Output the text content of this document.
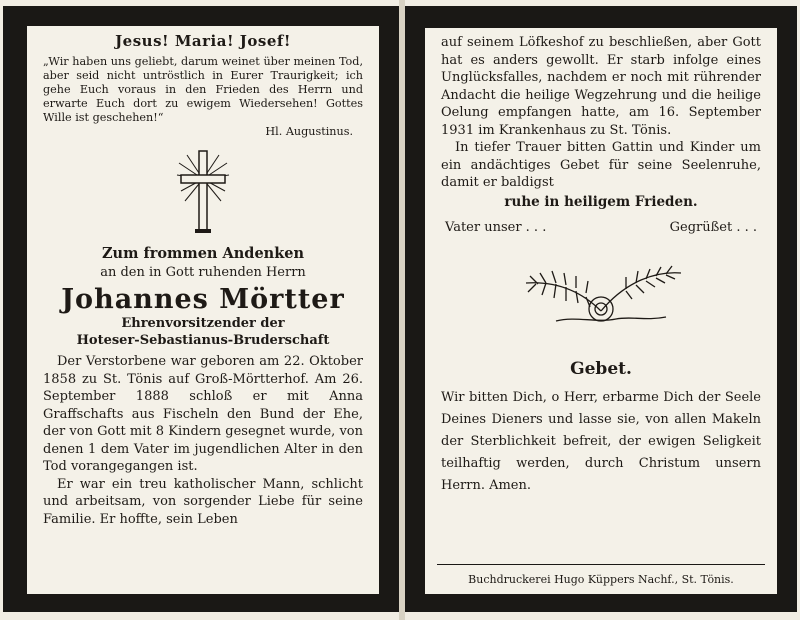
Jesus! Maria! Josef!
„Wir haben uns geliebt, darum weinet über meinen Tod, aber seid nicht untröstlich in Eurer Traurigkeit; ich gehe Euch voraus in den Frieden des Herrn und erwarte Euch dort zu ewigem Wiedersehen! Gottes Wille ist geschehen!“
Hl. Augustinus.
Zum frommen Andenken
an den in Gott ruhenden Herrn
Johannes Mörtter
Ehrenvorsitzender der
Hoteser-Sebastianus-Bruderschaft

Der Verstorbene war geboren am 22. Oktober 1858 zu St. Tönis auf Groß-Mörtterhof. Am 26. September 1888 schloß er mit Anna Graffschafts aus Fischeln den Bund der Ehe, der von Gott mit 8 Kindern gesegnet wurde, von denen 1 dem Vater im jugendlichen Alter in den Tod vorangegangen ist.

Er war ein treu katholischer Mann, schlicht und arbeitsam, von sorgender Liebe für seine Familie. Er hoffte, sein Leben

auf seinem Löfkeshof zu beschließen, aber Gott hat es anders gewollt. Er starb infolge eines Unglücksfalles, nachdem er noch mit rührender Andacht die heilige Wegzehrung und die heilige Oelung empfangen hatte, am 16. September 1931 im Krankenhaus zu St. Tönis.

In tiefer Trauer bitten Gattin und Kinder um ein andächtiges Gebet für seine Seelenruhe, damit er baldigst

ruhe in heiligem Frieden.
Vater unser . . .	Gegrüßet . . .
Gebet.
Wir bitten Dich, o Herr, erbarme Dich der Seele Deines Dieners und lasse sie, von allen Makeln der Sterblichkeit befreit, der ewigen Seligkeit teilhaftig werden, durch Christum unsern Herrn. Amen.
Buchdruckerei Hugo Küppers Nachf., St. Tönis.
